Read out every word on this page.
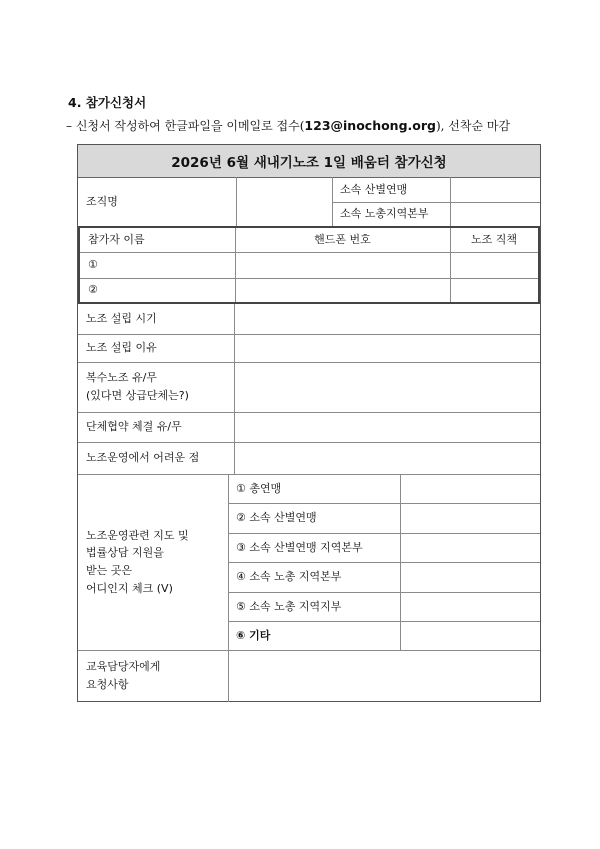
4. 참가신청서
– 신청서 작성하여 한글파일을 이메일로 접수(123@inochong.org), 선착순 마감
2026년 6월 새내기노조 1일 배움터 참가신청
조직명
소속 산별연맹
소속 노총지역본부
참가자 이름	핸드폰 번호	노조 직책
①
②
노조 설립 시기
노조 설립 이유
복수노조 유/무
(있다면 상급단체는?)
단체협약 체결 유/무
노조운영에서 어려운 점
노조운영관련 지도 및
법률상담 지원을
받는 곳은
어디인지 체크 (V)
① 총연맹
② 소속 산별연맹
③ 소속 산별연맹 지역본부
④ 소속 노총 지역본부
⑤ 소속 노총 지역지부
⑥ 기타
교육담당자에게
요청사항
